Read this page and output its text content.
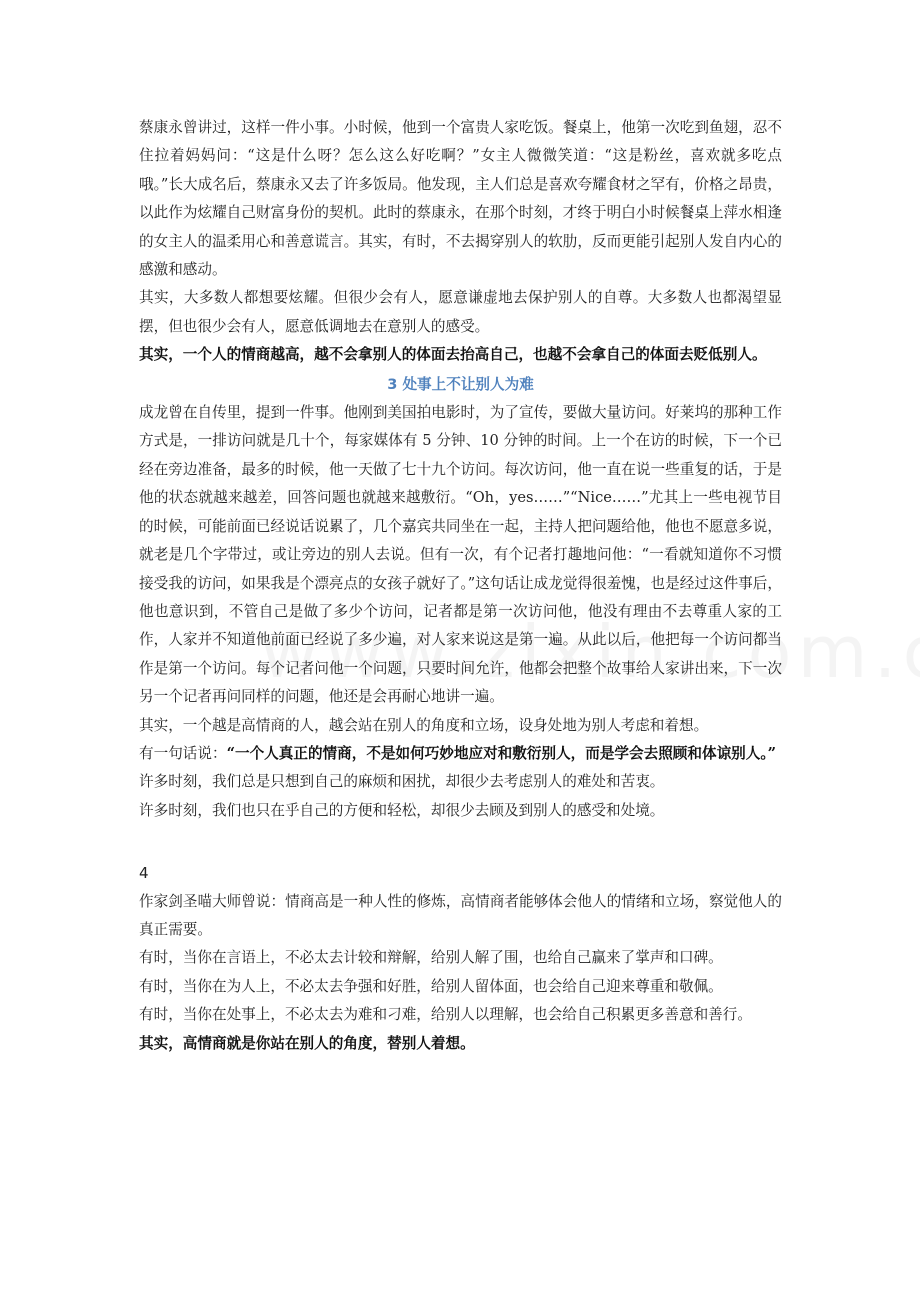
蔡康永曾讲过，这样一件小事。小时候，他到一个富贵人家吃饭。餐桌上，他第一次吃到鱼翅，忍不住拉着妈妈问：“这是什么呀？怎么这么好吃啊？”女主人微微笑道：“这是粉丝，喜欢就多吃点哦。”长大成名后，蔡康永又去了许多饭局。他发现，主人们总是喜欢夸耀食材之罕有，价格之昂贵，以此作为炫耀自己财富身份的契机。此时的蔡康永，在那个时刻，才终于明白小时候餐桌上萍水相逢的女主人的温柔用心和善意谎言。其实，有时，不去揭穿别人的软肋，反而更能引起别人发自内心的感激和感动。

其实，大多数人都想要炫耀。但很少会有人，愿意谦虚地去保护别人的自尊。大多数人也都渴望显摆，但也很少会有人，愿意低调地去在意别人的感受。

其实，一个人的情商越高，越不会拿别人的体面去抬高自己，也越不会拿自己的体面去贬低别人。

3 处事上不让别人为难

成龙曾在自传里，提到一件事。他刚到美国拍电影时，为了宣传，要做大量访问。好莱坞的那种工作方式是，一排访问就是几十个，每家媒体有 5 分钟、10 分钟的时间。上一个在访的时候，下一个已经在旁边准备，最多的时候，他一天做了七十九个访问。每次访问，他一直在说一些重复的话，于是他的状态就越来越差，回答问题也就越来越敷衍。“Oh，yes……”“Nice……”尤其上一些电视节目的时候，可能前面已经说话说累了，几个嘉宾共同坐在一起，主持人把问题给他，他也不愿意多说，就老是几个字带过，或让旁边的别人去说。但有一次，有个记者打趣地问他：“一看就知道你不习惯接受我的访问，如果我是个漂亮点的女孩子就好了。”这句话让成龙觉得很羞愧，也是经过这件事后，他也意识到，不管自己是做了多少个访问，记者都是第一次访问他，他没有理由不去尊重人家的工作，人家并不知道他前面已经说了多少遍，对人家来说这是第一遍。从此以后，他把每一个访问都当作是第一个访问。每个记者问他一个问题，只要时间允许，他都会把整个故事给人家讲出来，下一次另一个记者再问同样的问题，他还是会再耐心地讲一遍。

其实，一个越是高情商的人，越会站在别人的角度和立场，设身处地为别人考虑和着想。

有一句话说：“一个人真正的情商，不是如何巧妙地应对和敷衍别人，而是学会去照顾和体谅别人。”

许多时刻，我们总是只想到自己的麻烦和困扰，却很少去考虑别人的难处和苦衷。

许多时刻，我们也只在乎自己的方便和轻松，却很少去顾及到别人的感受和处境。

4

作家剑圣喵大师曾说：情商高是一种人性的修炼，高情商者能够体会他人的情绪和立场，察觉他人的真正需要。

有时，当你在言语上，不必太去计较和辩解，给别人解了围，也给自己赢来了掌声和口碑。

有时，当你在为人上，不必太去争强和好胜，给别人留体面，也会给自己迎来尊重和敬佩。

有时，当你在处事上，不必太去为难和刁难，给别人以理解，也会给自己积累更多善意和善行。

其实，高情商就是你站在别人的角度，替别人着想。
